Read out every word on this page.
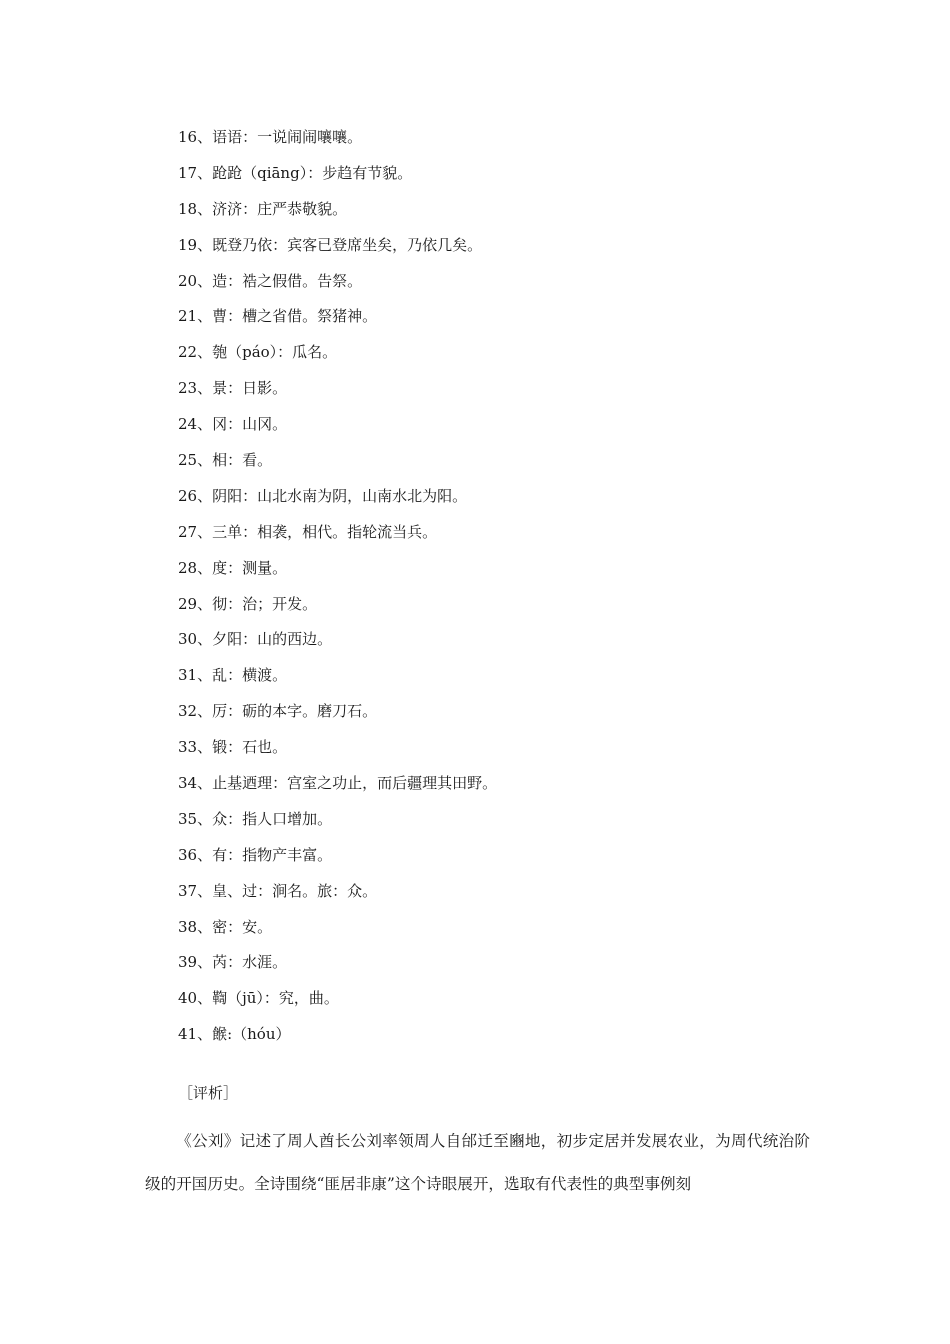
16、语语：一说闹闹嚷嚷。
17、跄跄（qiāng）：步趋有节貌。
18、济济：庄严恭敬貌。
19、既登乃依：宾客已登席坐矣，乃依几矣。
20、造：祰之假借。告祭。
21、曹：槽之省借。祭猪神。
22、匏（páo）：瓜名。
23、景：日影。
24、冈：山冈。
25、相：看。
26、阴阳：山北水南为阴，山南水北为阳。
27、三单：相袭，相代。指轮流当兵。
28、度：测量。
29、彻：治；开发。
30、夕阳：山的西边。
31、乱：横渡。
32、厉：砺的本字。磨刀石。
33、锻：石也。
34、止基迺理：宫室之功止，而后疆理其田野。
35、众：指人口增加。
36、有：指物产丰富。
37、皇、过：涧名。旅：众。
38、密：安。
39、芮：水涯。
40、鞫（jū）：究，曲。
41、餱:（hóu）
［评析］

《公刘》记述了周人酋长公刘率领周人自邰迁至豳地，初步定居并发展农业，为周代统治阶级的开国历史。全诗围绕“匪居非康”这个诗眼展开，选取有代表性的典型事例刻
